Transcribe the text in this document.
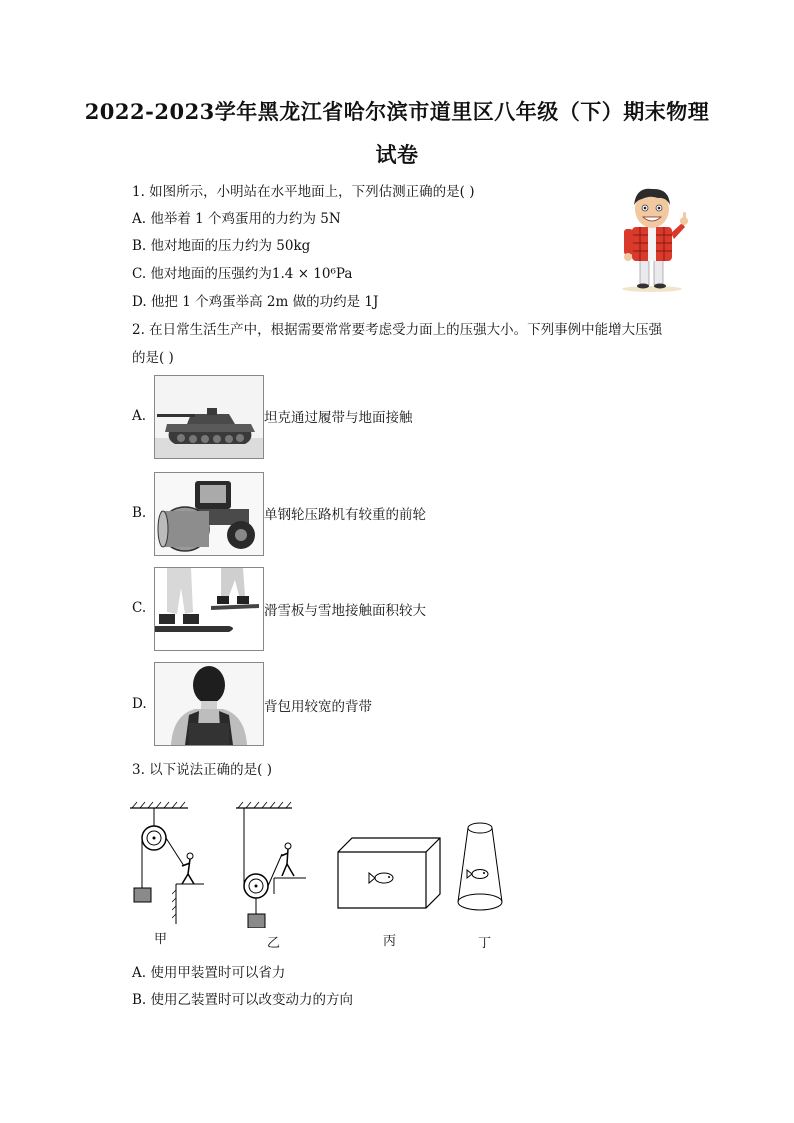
2022-2023学年黑龙江省哈尔滨市道里区八年级（下）期末物理
试卷
1. 如图所示，小明站在水平地面上，下列估测正确的是( )
A. 他举着 1 个鸡蛋用的力约为 5N
B. 他对地面的压力约为 50kg
C. 他对地面的压强约为1.4 × 10⁶Pa
D. 他把 1 个鸡蛋举高 2m 做的功约是 1J
2. 在日常生活生产中，根据需要常常要考虑受力面上的压强大小。下列事例中能增大压强
的是( )
A.	坦克通过履带与地面接触
B.	单钢轮压路机有较重的前轮
C.	滑雪板与雪地接触面积较大
D.	背包用较宽的背带
3. 以下说法正确的是( )
甲	乙	丙	丁
A. 使用甲装置时可以省力
B. 使用乙装置时可以改变动力的方向
